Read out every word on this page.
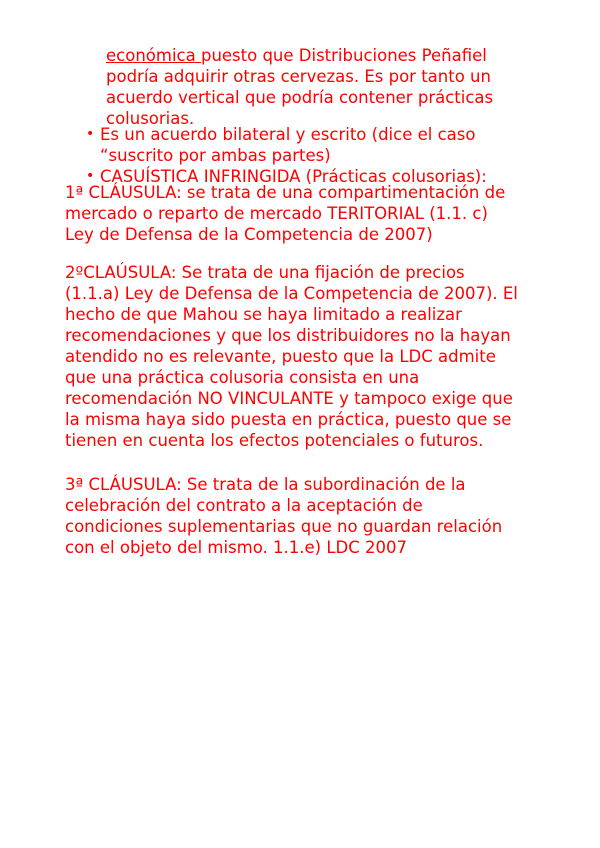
económica puesto que Distribuciones Peñafiel
podría adquirir otras cervezas. Es por tanto un
acuerdo vertical que podría contener prácticas
colusorias.

• Es un acuerdo bilateral y escrito (dice el caso
“suscrito por ambas partes)
• CASUÍSTICA INFRINGIDA (Prácticas colusorias):

1ª CLÁUSULA: se trata de una compartimentación de
mercado o reparto de mercado TERITORIAL (1.1. c)
Ley de Defensa de la Competencia de 2007)

2ºCLAÚSULA: Se trata de una fijación de precios
(1.1.a) Ley de Defensa de la Competencia de 2007). El
hecho de que Mahou se haya limitado a realizar
recomendaciones y que los distribuidores no la hayan
atendido no es relevante, puesto que la LDC admite
que una práctica colusoria consista en una
recomendación NO VINCULANTE y tampoco exige que
la misma haya sido puesta en práctica, puesto que se
tienen en cuenta los efectos potenciales o futuros.

3ª CLÁUSULA: Se trata de la subordinación de la
celebración del contrato a la aceptación de
condiciones suplementarias que no guardan relación
con el objeto del mismo. 1.1.e) LDC 2007
